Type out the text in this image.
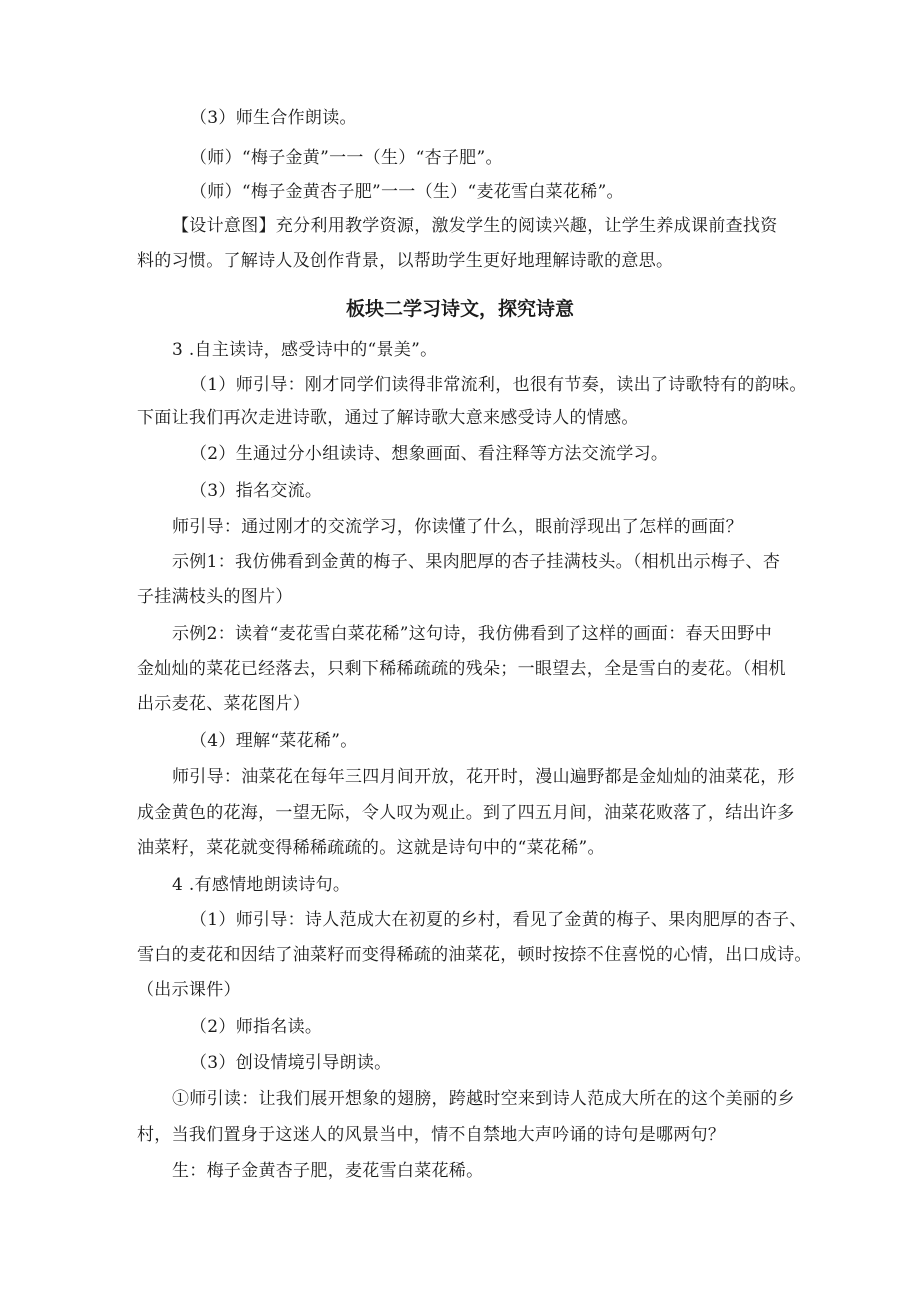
（3）师生合作朗读。
（师）“梅子金黄”一一（生）“杏子肥”。
（师）“梅子金黄杏子肥”一一（生）“麦花雪白菜花稀”。
【设计意图】充分利用教学资源，激发学生的阅读兴趣，让学生养成课前查找资
料的习惯。了解诗人及创作背景，以帮助学生更好地理解诗歌的意思。
板块二学习诗文，探究诗意
3 .自主读诗，感受诗中的“景美”。
（1）师引导：刚才同学们读得非常流利，也很有节奏，读出了诗歌特有的韵味。
下面让我们再次走进诗歌，通过了解诗歌大意来感受诗人的情感。
（2）生通过分小组读诗、想象画面、看注释等方法交流学习。
（3）指名交流。
师引导：通过刚才的交流学习，你读懂了什么，眼前浮现出了怎样的画面？
示例1：我仿佛看到金黄的梅子、果肉肥厚的杏子挂满枝头。（相机出示梅子、杏
子挂满枝头的图片）
示例2：读着“麦花雪白菜花稀”这句诗，我仿佛看到了这样的画面：春天田野中
金灿灿的菜花已经落去，只剩下稀稀疏疏的残朵；一眼望去，全是雪白的麦花。（相机
出示麦花、菜花图片）
（4）理解“菜花稀”。
师引导：油菜花在每年三四月间开放，花开时，漫山遍野都是金灿灿的油菜花，形
成金黄色的花海，一望无际，令人叹为观止。到了四五月间，油菜花败落了，结出许多
油菜籽，菜花就变得稀稀疏疏的。这就是诗句中的“菜花稀”。
4 .有感情地朗读诗句。
（1）师引导：诗人范成大在初夏的乡村，看见了金黄的梅子、果肉肥厚的杏子、
雪白的麦花和因结了油菜籽而变得稀疏的油菜花，顿时按捺不住喜悦的心情，出口成诗。
（出示课件）
（2）师指名读。
（3）创设情境引导朗读。
①师引读：让我们展开想象的翅膀，跨越时空来到诗人范成大所在的这个美丽的乡
村，当我们置身于这迷人的风景当中，情不自禁地大声吟诵的诗句是哪两句？
生：梅子金黄杏子肥，麦花雪白菜花稀。
